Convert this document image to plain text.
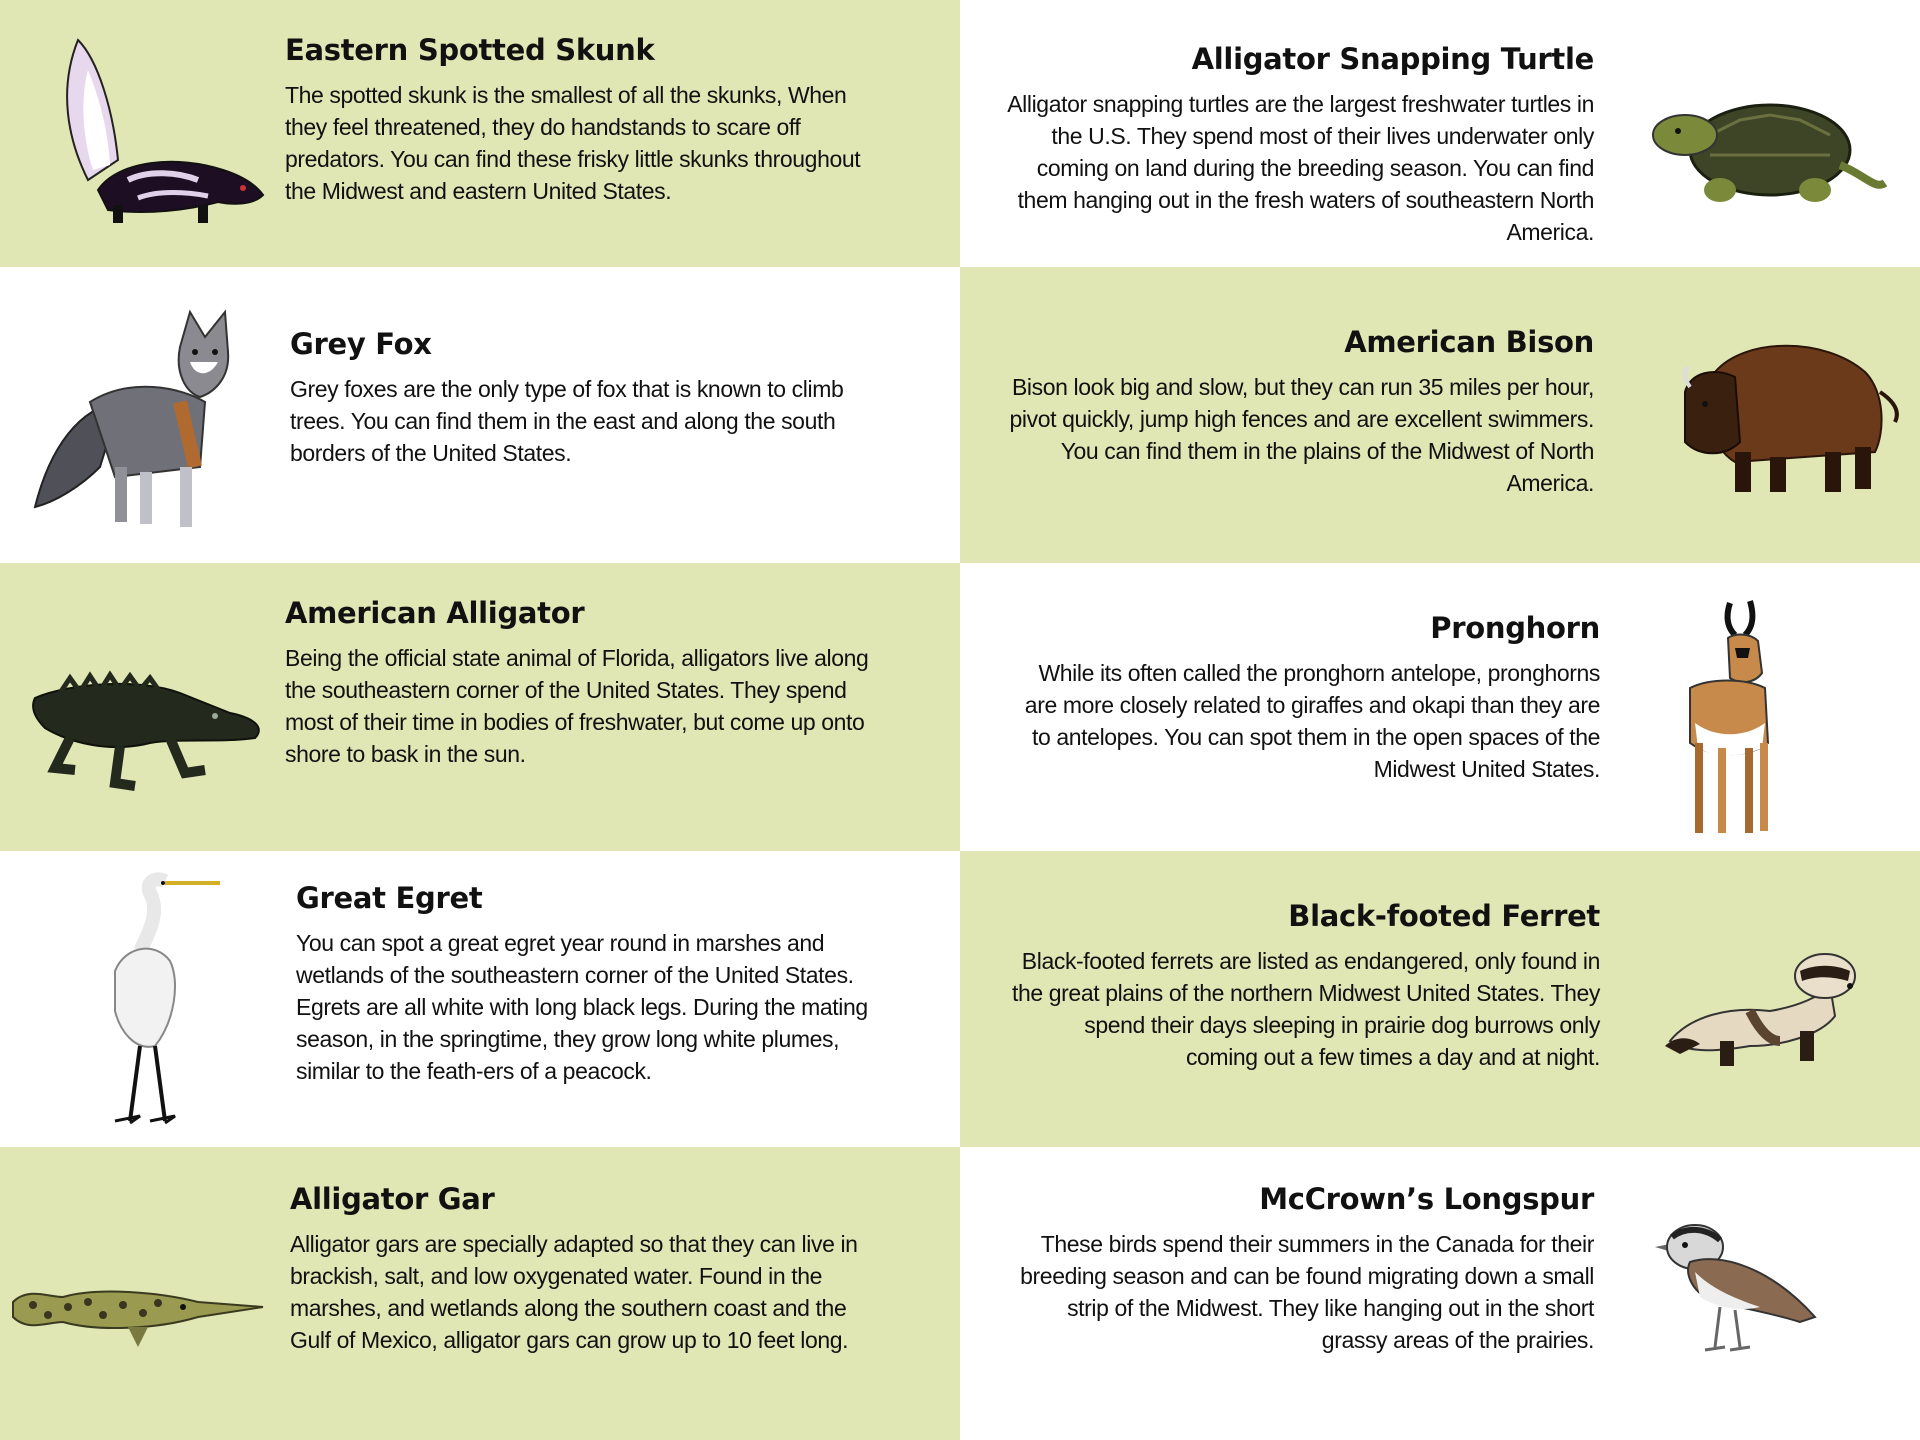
Eastern Spotted Skunk

The spotted skunk is the smallest of all the skunks, When they feel threatened, they do handstands to scare off predators. You can find these frisky little skunks throughout the Midwest and eastern United States.

Alligator Snapping Turtle

Alligator snapping turtles are the largest freshwater turtles in the U.S. They spend most of their lives underwater only coming on land during the breeding season. You can find them hanging out in the fresh waters of southeastern North America.

Grey Fox

Grey foxes are the only type of fox that is known to climb trees. You can find them in the east and along the south borders of the United States.

American Bison

Bison look big and slow, but they can run 35 miles per hour, pivot quickly, jump high fences and are excellent swimmers. You can find them in the plains of the Midwest of North America.

American Alligator

Being the official state animal of Florida, alligators live along the southeastern corner of the United States. They spend most of their time in bodies of freshwater, but come up onto shore to bask in the sun.

Pronghorn

While its often called the pronghorn antelope, pronghorns are more closely related to giraffes and okapi than they are to antelopes. You can spot them in the open spaces of the Midwest United States.

Great Egret

You can spot a great egret year round in marshes and wetlands of the southeastern corner of the United States. Egrets are all white with long black legs. During the mating season, in the springtime, they grow long white plumes, similar to the feath-ers of a peacock.

Black-footed Ferret

Black-footed ferrets are listed as endangered, only found in the great plains of the northern Midwest United States. They spend their days sleeping in prairie dog burrows only coming out a few times a day and at night.

Alligator Gar

Alligator gars are specially adapted so that they can live in brackish, salt, and low oxygenated water. Found in the marshes, and wetlands along the southern coast and the Gulf of Mexico, alligator gars can grow up to 10 feet long.

McCrown’s Longspur

These birds spend their summers in the Canada for their breeding season and can be found migrating down a small strip of the Midwest. They like hanging out in the short grassy areas of the prairies.
